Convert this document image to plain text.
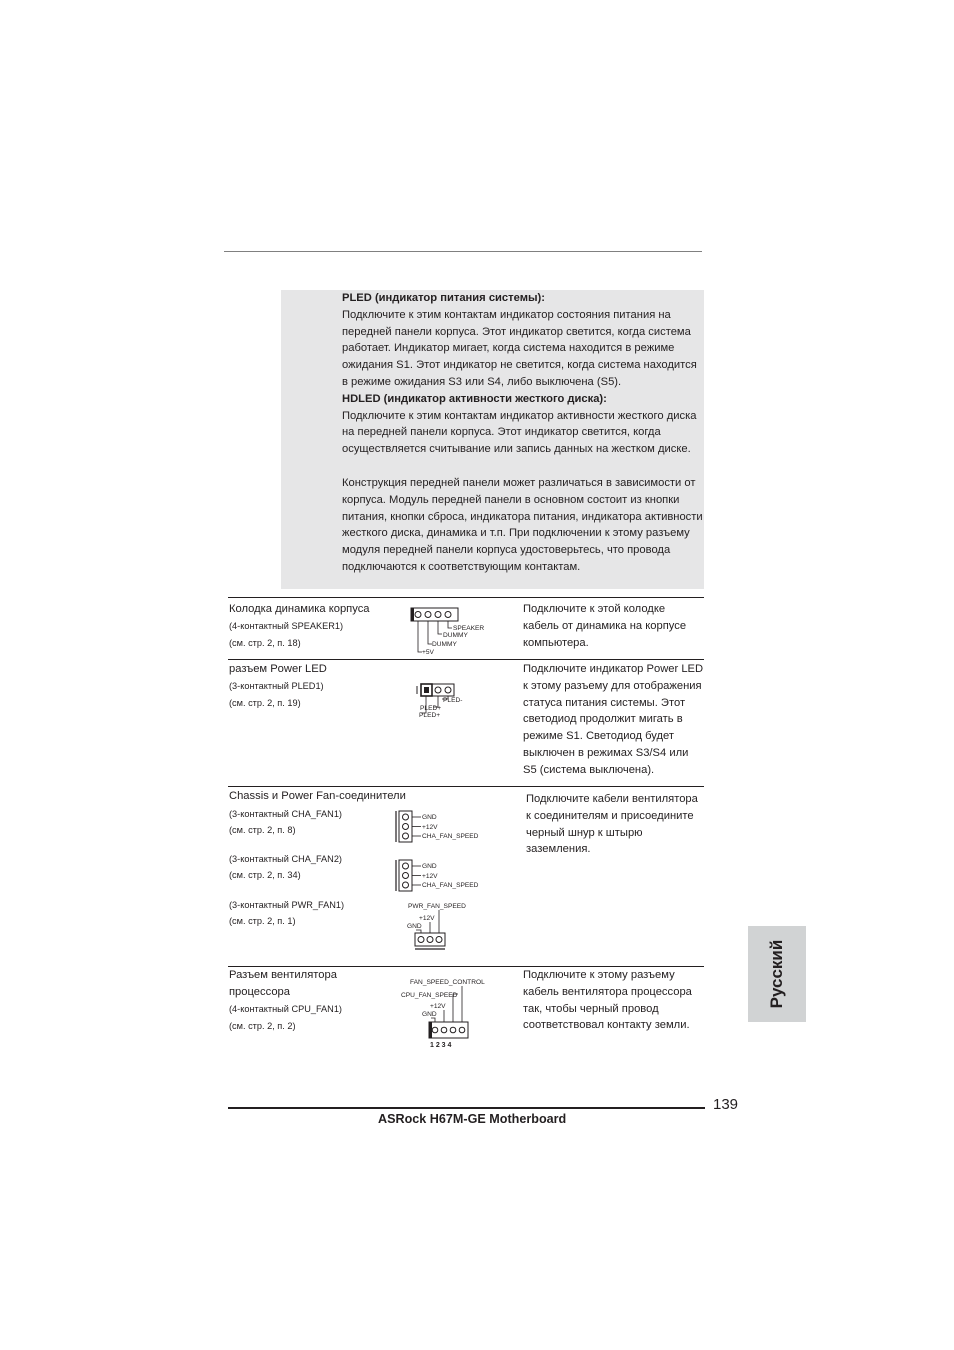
PLED (индикатор питания системы):

Подключите к этим контактам индикатор состояния питания на

передней панели корпуса. Этот индикатор светится, когда система

работает. Индикатор мигает, когда система находится в режиме

ожидания S1. Этот индикатор не светится, когда система находится

в режиме ожидания S3 или S4, либо выключена (S5).

HDLED (индикатор активности жесткого диска):

Подключите к этим контактам индикатор активности жесткого диска

на передней панели корпуса. Этот индикатор светится, когда

осуществляется считывание или запись данных на жестком диске.

Конструкция передней панели может различаться в зависимости от

корпуса. Модуль передней панели в основном состоит из кнопки

питания, кнопки сброса, индикатора питания, индикатора активности

жесткого диска, динамика и т.п. При подключении к этому разъему

модуля передней панели корпуса удостоверьтесь, что провода

подключаются к соответствующим контактам.

Колодка динамика корпуса
(4-контактный SPEAKER1)
(см. стр. 2, п. 18)
SPEAKER
DUMMY
DUMMY
+5V

Подключите к этой колодке

кабель от динамика на корпусе

компьютера.

разъем Power LED
(3-контактный PLED1)
(см. стр. 2, п. 19)	PLED-
PLED+
PLED+

Подключите индикатор Power LED

к этому разъему для отображения

статуса питания системы. Этот

светодиод продолжит мигать в

режиме S1. Светодиод будет

выключен в режимах S3/S4 или

S5 (система выключена).

Chassis и Power Fan-соединители
(3-контактный CHA_FAN1)
(см. стр. 2, п. 8)
(3-контактный CHA_FAN2)
(см. стр. 2, п. 34)
(3-контактный PWR_FAN1)
(см. стр. 2, п. 1)
GND
+12V
CHA_FAN_SPEED
GND
+12V
CHA_FAN_SPEED
PWR_FAN_SPEED
+12V
GND

Подключите кабели вентилятора

к соединителям и присоедините

черный шнур к штырю

заземления.

Разъем вентилятора
процессора
(4-контактный CPU_FAN1)
(см. стр. 2, п. 2)
FAN_SPEED_CONTROL
CPU_FAN_SPEED
+12V
GND
1 2 3 4

Подключите к этому разъему

кабель вентилятора процессора

так, чтобы черный провод

соответствовал контакту земли.

Русский
139
ASRock H67M-GE Motherboard
